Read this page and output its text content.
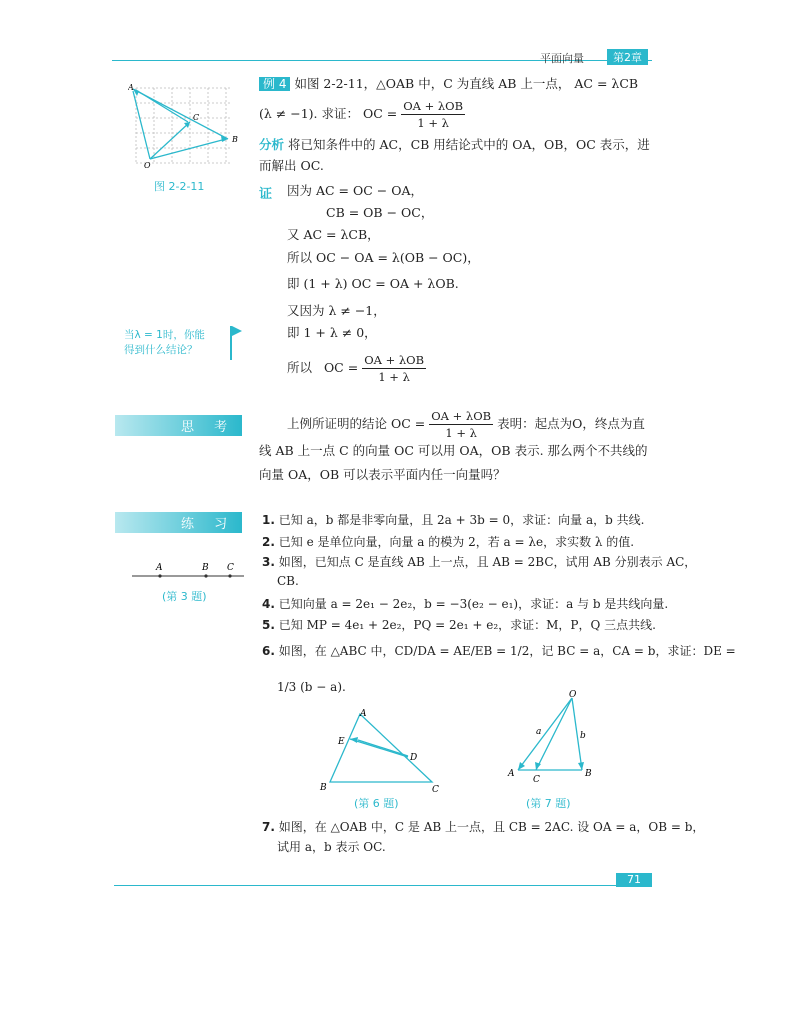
平面向量	第2章
A
C
B
O
图 2-2-11
例 4 如图 2-2-11，△OAB 中，C 为直线 AB 上一点， AC = λCB
(λ ≠ −1). 求证： OC = $\frac{\text{OA + λOB}}{1 + \lambda}$
分析 将已知条件中的 AC，CB 用结论式中的 OA，OB，OC 表示，进
而解出 OC.
证 因为 AC = OC − OA，
CB = OB − OC，
又 AC = λCB，
所以 OC − OA = λ(OB − OC)，
即 (1 + λ) OC = OA + λOB.
又因为 λ ≠ −1，
即 1 + λ ≠ 0，
所以 OC = $\frac{\text{OA + λOB}}{1 + \lambda}$
当λ = 1时，你能
得到什么结论？
思 考	上例所证明的结论 OC = $\frac{\text{OA + λOB}}{1 + \lambda}$ 表明：起点为O，终点为直
线 AB 上一点 C 的向量 OC 可以用 OA，OB 表示. 那么两个不共线的
向量 OA，OB 可以表示平面内任一向量吗？
练 习
A	B C
(第 3 题)
1. 已知 a，b 都是非零向量，且 2a + 3b = 0，求证：向量 a，b 共线.
2. 已知 e 是单位向量，向量 a 的模为 2，若 a = λe，求实数 λ 的值.
3. 如图，已知点 C 是直线 AB 上一点，且 AB = 2BC，试用 AB 分别表示 AC，
CB.
4. 已知向量 a = 2e₁ − 2e₂，b = −3(e₂ − e₁)，求证：a 与 b 是共线向量.
5. 已知 MP = 4e₁ + 2e₂，PQ = 2e₁ + e₂，求证：M，P，Q 三点共线.
6. 如图，在 △ABC 中，CD/DA = AE/EB = 1/2，记 BC = a，CA = b，求证：DE =
1/3 (b − a).
A
E
D
B	C
(第 6 题)
O
a	b
A
C
B
(第 7 题)
7. 如图，在 △OAB 中，C 是 AB 上一点，且 CB = 2AC. 设 OA = a，OB = b，
试用 a，b 表示 OC.
71
